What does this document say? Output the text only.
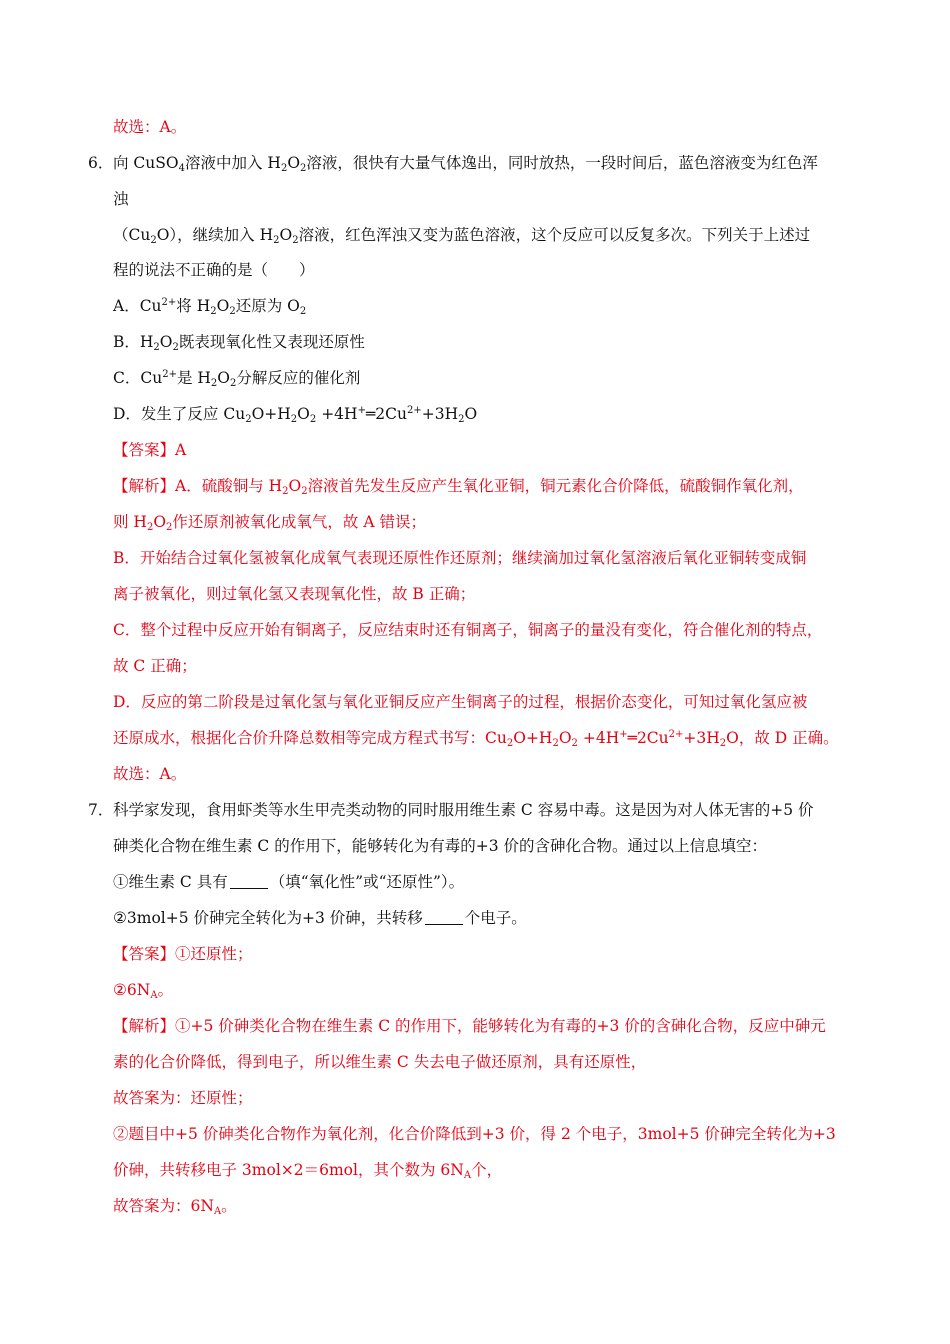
故选：A。
6． 向 CuSO$_4$溶液中加入 $H_2O_2$溶液，很快有大量气体逸出，同时放热，一段时间后，蓝色溶液变为红色浑
浊
$(Cu_2O)$，继续加入 $H_2O_2$溶液，红色浑浊又变为蓝色溶液，这个反应可以反复多次。下列关于上述过
程的说法不正确的是（　　）
A．$Cu^{2+}$将 $H_2O_2$还原为 $O_2$
B．$H_2O_2$既表现氧化性又表现还原性
C．$Cu^{2+}$是 $H_2O_2$分解反应的催化剂
D．发生了反应 $Cu_2O+H_2O_2$ $+4H^+═2Cu^{2+}+3H_2O$
【答案】A
【解析】A．硫酸铜与 $H_2O_2$溶液首先发生反应产生氧化亚铜，铜元素化合价降低，硫酸铜作氧化剂，
则 $H_2O_2$作还原剂被氧化成氧气，故 A 错误；
B．开始结合过氧化氢被氧化成氧气表现还原性作还原剂；继续滴加过氧化氢溶液后氧化亚铜转变成铜
离子被氧化，则过氧化氢又表现氧化性，故 B 正确；
C．整个过程中反应开始有铜离子，反应结束时还有铜离子，铜离子的量没有变化，符合催化剂的特点，
故 C 正确；
D．反应的第二阶段是过氧化氢与氧化亚铜反应产生铜离子的过程，根据价态变化，可知过氧化氢应被
还原成水，根据化合价升降总数相等完成方程式书写：$Cu_2O+H_2O_2$ $+4H^+═2Cu^{2+}+3H_2O$，故 D 正确。
故选：A。
7． 科学家发现，食用虾类等水生甲壳类动物的同时服用维生素 C 容易中毒。这是因为对人体无害的+5 价
砷类化合物在维生素 C 的作用下，能够转化为有毒的+3 价的含砷化合物。通过以上信息填空：
①维生素 C 具有	（填“氧化性”或“还原性”）。
②3mol+5 价砷完全转化为+3 价砷，共转移	个电子。
【答案】①还原性；
$②6N_A$。
【解析】①+5 价砷类化合物在维生素 C 的作用下，能够转化为有毒的+3 价的含砷化合物，反应中砷元
素的化合价降低，得到电子，所以维生素 C 失去电子做还原剂，具有还原性，
故答案为：还原性；
②题目中+5 价砷类化合物作为氧化剂，化合价降低到+3 价，得 2 个电子，3mol+5 价砷完全转化为+3
价砷，共转移电子 3mol×2＝6mol，其个数为 $6N_A$个，
故答案为：$6N_A$。
